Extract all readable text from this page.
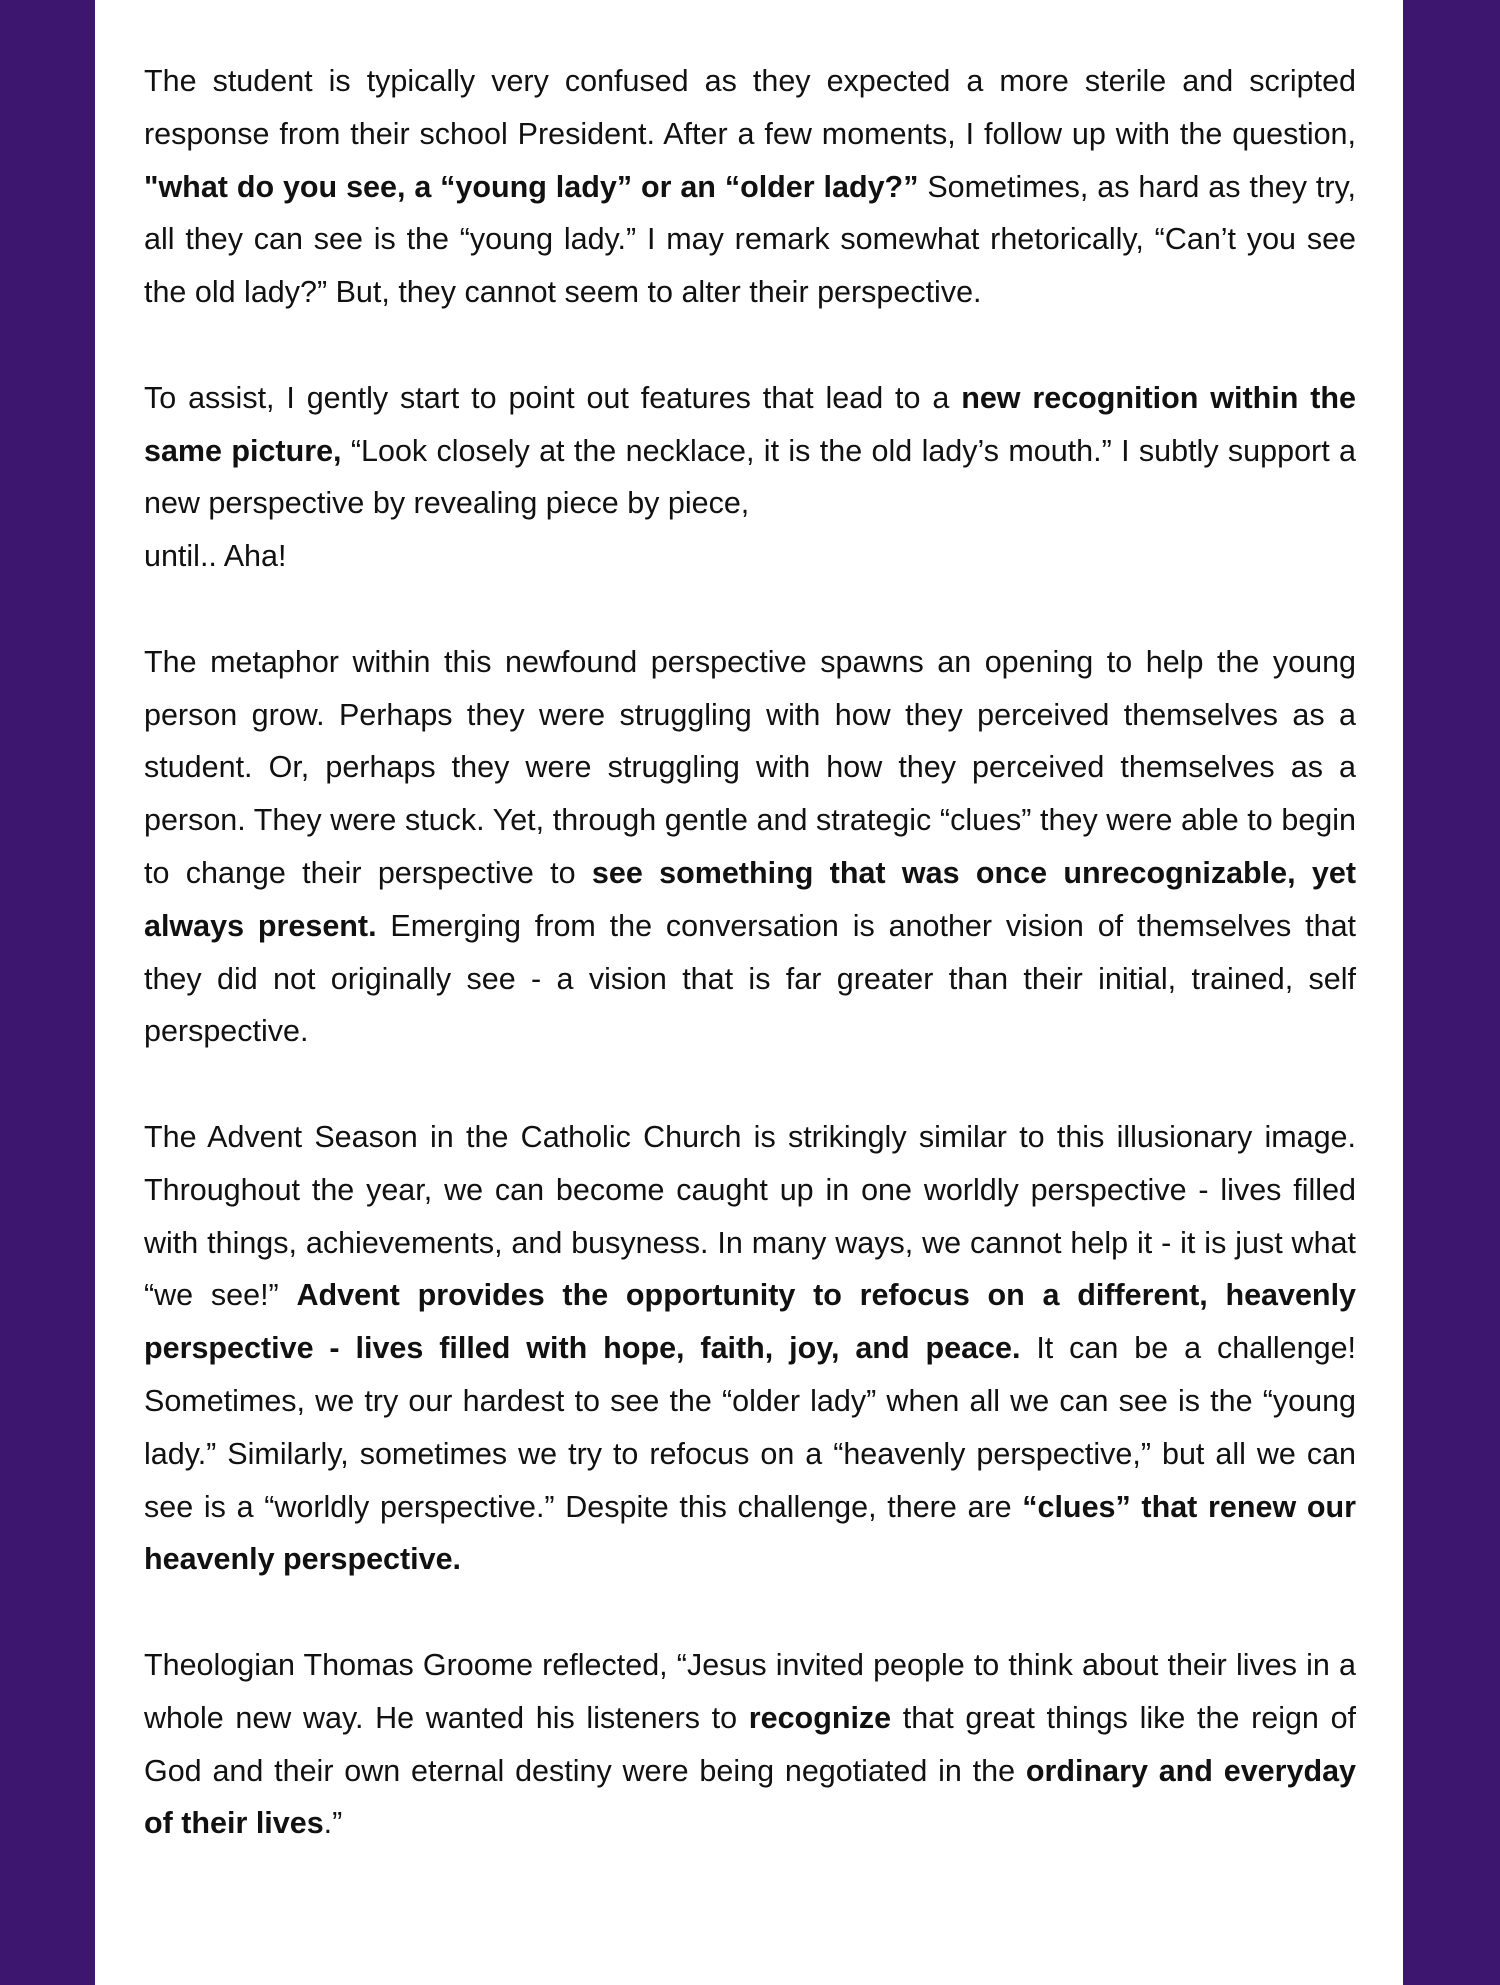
The student is typically very confused as they expected a more sterile and scripted response from their school President. After a few moments, I follow up with the question, "what do you see, a “young lady” or an “older lady?” Sometimes, as hard as they try, all they can see is the “young lady.” I may remark somewhat rhetorically, “Can’t you see the old lady?” But, they cannot seem to alter their perspective.

To assist, I gently start to point out features that lead to a new recognition within the same picture, “Look closely at the necklace, it is the old lady’s mouth.” I subtly support a new perspective by revealing piece by piece,
until.. Aha!

The metaphor within this newfound perspective spawns an opening to help the young person grow. Perhaps they were struggling with how they perceived themselves as a student. Or, perhaps they were struggling with how they perceived themselves as a person. They were stuck. Yet, through gentle and strategic “clues” they were able to begin to change their perspective to see something that was once unrecognizable, yet always present. Emerging from the conversation is another vision of themselves that they did not originally see - a vision that is far greater than their initial, trained, self perspective.

The Advent Season in the Catholic Church is strikingly similar to this illusionary image. Throughout the year, we can become caught up in one worldly perspective - lives filled with things, achievements, and busyness. In many ways, we cannot help it - it is just what “we see!” Advent provides the opportunity to refocus on a different, heavenly perspective - lives filled with hope, faith, joy, and peace. It can be a challenge! Sometimes, we try our hardest to see the “older lady” when all we can see is the “young lady.” Similarly, sometimes we try to refocus on a “heavenly perspective,” but all we can see is a “worldly perspective.” Despite this challenge, there are “clues” that renew our heavenly perspective.

Theologian Thomas Groome reflected, “Jesus invited people to think about their lives in a whole new way. He wanted his listeners to recognize that great things like the reign of God and their own eternal destiny were being negotiated in the ordinary and everyday of their lives.”
